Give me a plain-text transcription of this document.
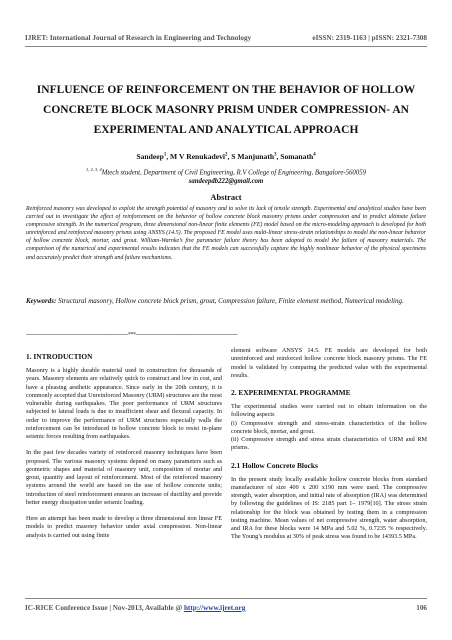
IJRET: International Journal of Research in Engineering and Technology	eISSN: 2319-1163 | pISSN: 2321-7308
INFLUENCE OF REINFORCEMENT ON THE BEHAVIOR OF HOLLOW CONCRETE BLOCK MASONRY PRISM UNDER COMPRESSION- AN EXPERIMENTAL AND ANALYTICAL APPROACH
Sandeep$^1$, M V Renukadevi$^2$, S Manjunath$^3$, Somanath$^4$
$^{1, 2, 3, 4}$Mtech student, Department of Civil Engineering, R.V College of Engineering, Bangalore-560059
sandeepdb222@gmail.com
Abstract
Reinforced masonry was developed to exploit the strength potential of masonry and to solve its lack of tensile strength. Experimental and analytical studies have been carried out to investigate the effect of reinforcement on the behavior of hollow concrete block masonry prisms under compression and to predict ultimate failure compressive strength. In the numerical program, three dimensional non-linear finite elements (FE) model based on the micro-modeling approach is developed for both unreinforced and reinforced masonry prisms using ANSYS (14.5). The proposed FE model uses multi-linear stress-strain relationships to model the non-linear behavior of hollow concrete block, mortar, and grout. William-Warnke’s five parameter failure theory has been adopted to model the failure of masonry materials. The comparison of the numerical and experimental results indicates that the FE models can successfully capture the highly nonlinear behavior of the physical specimens and accurately predict their strength and failure mechanisms.
Keywords: Structural masonry, Hollow concrete block prism, grout, Compression failure, Finite element method, Numerical modeling.
-------------------------------------------------------------------------***-------------------------------------------------------------------------
1. INTRODUCTION

Masonry is a highly durable material used in construction for thousands of years. Masonry elements are relatively quick to construct and low in cost, and have a pleasing aesthetic appearance. Since early in the 20th century, it is commonly accepted that Unreinforced Masonry (URM) structures are the most vulnerable during earthquakes. The poor performance of URM structures subjected to lateral loads is due to insufficient shear and flexural capacity. In order to improve the performance of URM structures especially walls the reinforcement can be introduced in hollow concrete block to resist in-plane seismic forces resulting from earthquakes.

In the past few decades variety of reinforced masonry techniques have been proposed. The various masonry systems depend on many parameters such as geometric shapes and material of masonry unit, composition of mortar and grout, quantity and layout of reinforcement. Most of the reinforced masonry systems around the world are based on the use of hollow concrete units; introduction of steel reinforcement ensures an increase of ductility and provide better energy dissipation under seismic loading.

Here an attempt has been made to develop a three dimensional non linear FE models to predict masonry behavior under axial compression. Non-linear analysis is carried out using finite

element software ANSYS 14.5. FE models are developed for both unreinforced and reinforced hollow concrete block masonry prisms. The FE model is validated by comparing the predicted value with the experimental results.

2. EXPERIMENTAL PROGRAMME

The experimental studies were carried out to obtain information on the following aspects

(i) Compressive strength and stress-strain characteristics of the hollow concrete block, mortar, and grout.

(ii) Compressive strength and stress strain characteristics of URM and RM prisms.

2.1 Hollow Concrete Blocks

In the present study locally available hollow concrete blocks from standard manufacturer of size 400 x 200 x190 mm were used. The compressive strength, water absorption, and initial rate of absorption (IRA) was determined by following the guidelines of IS: 2185 part 1– 1979[10]. The stress strain relationship for the block was obtained by testing them in a compression testing machine. Mean values of net compressive strength, water absorption, and IRA for these blocks were 14 MPa and 5.02 %, 0.7235 % respectively. The Young’s modulus at 30% of peak stress was found to be 14393.5 MPa.

IC-RICE Conference Issue | Nov-2013, Available @ http://www.ijret.org	106
